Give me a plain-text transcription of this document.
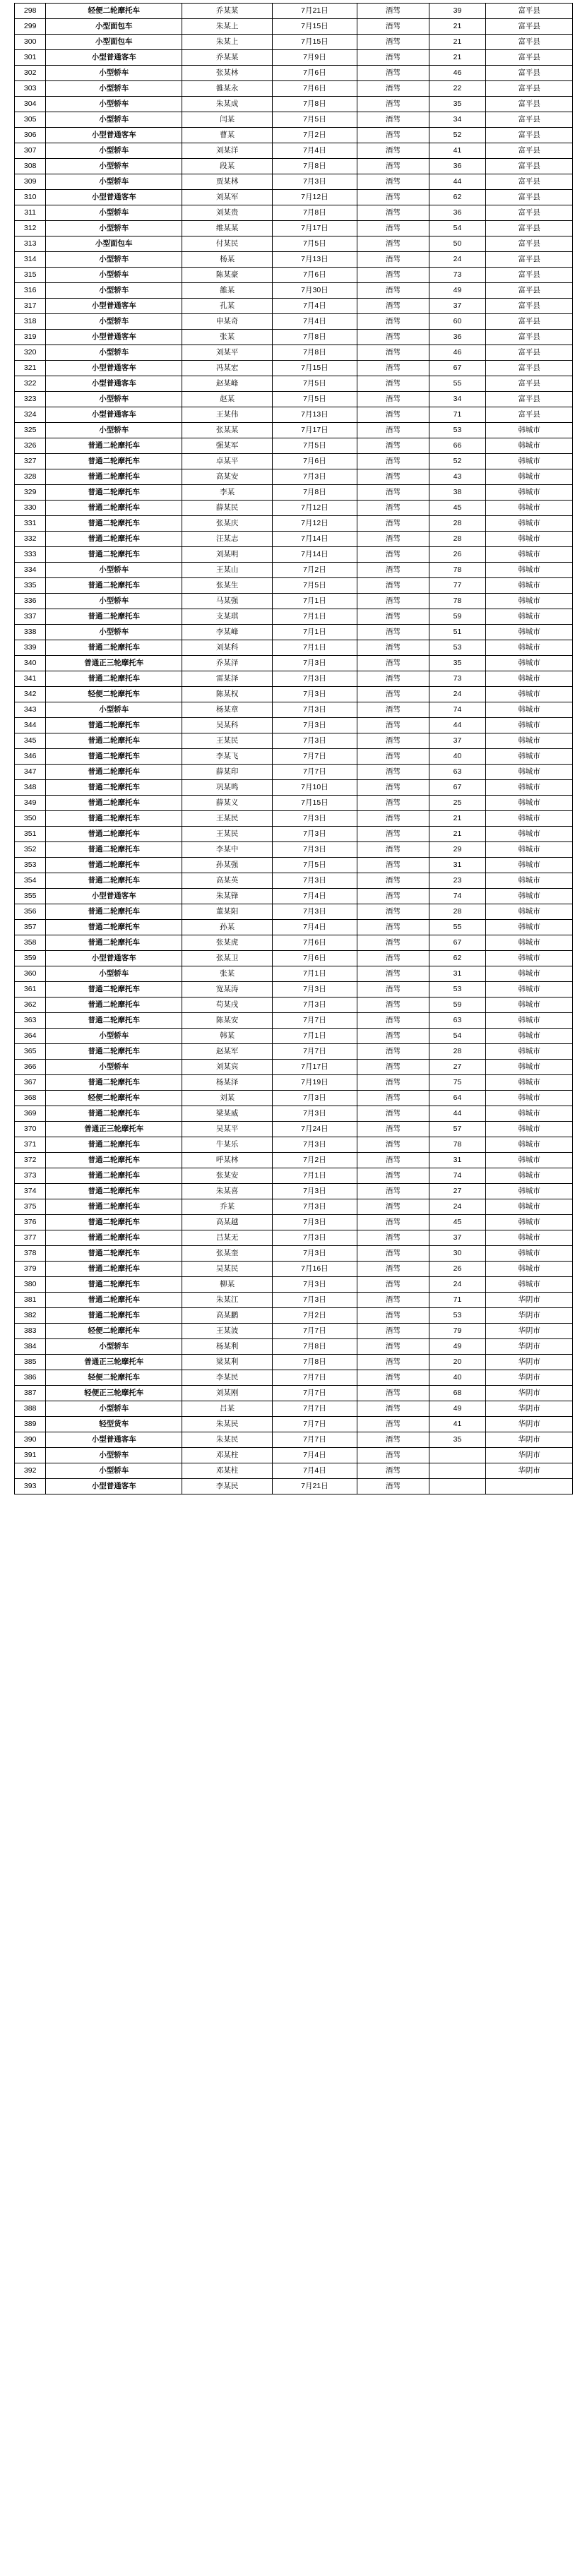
298	轻便二轮摩托车	乔某某	7月21日	酒驾	39	富平县
299	小型面包车	朱某上	7月15日	酒驾	21	富平县
300	小型面包车	朱某上	7月15日	酒驾	21	富平县
301	小型普通客车	乔某某	7月9日	酒驾	21	富平县
302	小型轿车	张某林	7月6日	酒驾	46	富平县
303	小型轿车	雒某永	7月6日	酒驾	22	富平县
304	小型轿车	朱某成	7月8日	酒驾	35	富平县
305	小型轿车	闫某	7月5日	酒驾	34	富平县
306	小型普通客车	曹某	7月2日	酒驾	52	富平县
307	小型轿车	刘某洋	7月4日	酒驾	41	富平县
308	小型轿车	段某	7月8日	酒驾	36	富平县
309	小型轿车	贾某林	7月3日	酒驾	44	富平县
310	小型普通客车	刘某军	7月12日	酒驾	62	富平县
311	小型轿车	刘某贵	7月8日	酒驾	36	富平县
312	小型轿车	维某某	7月17日	酒驾	54	富平县
313	小型面包车	付某民	7月5日	酒驾	50	富平县
314	小型轿车	杨某	7月13日	酒驾	24	富平县
315	小型轿车	陈某豪	7月6日	酒驾	73	富平县
316	小型轿车	雒某	7月30日	酒驾	49	富平县
317	小型普通客车	孔某	7月4日	酒驾	37	富平县
318	小型轿车	申某奇	7月4日	酒驾	60	富平县
319	小型普通客车	张某	7月8日	酒驾	36	富平县
320	小型轿车	刘某平	7月8日	酒驾	46	富平县
321	小型普通客车	冯某宏	7月15日	酒驾	67	富平县
322	小型普通客车	赵某峰	7月5日	酒驾	55	富平县
323	小型轿车	赵某	7月5日	酒驾	34	富平县
324	小型普通客车	王某伟	7月13日	酒驾	71	富平县
325	小型轿车	张某某	7月17日	酒驾	53	韩城市
326	普通二轮摩托车	强某军	7月5日	酒驾	66	韩城市
327	普通二轮摩托车	卓某平	7月6日	酒驾	52	韩城市
328	普通二轮摩托车	高某安	7月3日	酒驾	43	韩城市
329	普通二轮摩托车	李某	7月8日	酒驾	38	韩城市
330	普通二轮摩托车	薛某民	7月12日	酒驾	45	韩城市
331	普通二轮摩托车	张某庆	7月12日	酒驾	28	韩城市
332	普通二轮摩托车	汪某志	7月14日	酒驾	28	韩城市
333	普通二轮摩托车	刘某明	7月14日	酒驾	26	韩城市
334	小型轿车	王某山	7月2日	酒驾	78	韩城市
335	普通二轮摩托车	张某生	7月5日	酒驾	77	韩城市
336	小型轿车	马某强	7月1日	酒驾	78	韩城市
337	普通二轮摩托车	支某琪	7月1日	酒驾	59	韩城市
338	小型轿车	李某峰	7月1日	酒驾	51	韩城市
339	普通二轮摩托车	刘某科	7月1日	酒驾	53	韩城市
340	普通正三轮摩托车	乔某泽	7月3日	酒驾	35	韩城市
341	普通二轮摩托车	雷某泽	7月3日	酒驾	73	韩城市
342	轻便二轮摩托车	陈某权	7月3日	酒驾	24	韩城市
343	小型轿车	杨某章	7月3日	酒驾	74	韩城市
344	普通二轮摩托车	吴某科	7月3日	酒驾	44	韩城市
345	普通二轮摩托车	王某民	7月3日	酒驾	37	韩城市
346	普通二轮摩托车	李某飞	7月7日	酒驾	40	韩城市
347	普通二轮摩托车	薛某印	7月7日	酒驾	63	韩城市
348	普通二轮摩托车	巩某鸣	7月10日	酒驾	67	韩城市
349	普通二轮摩托车	薛某义	7月15日	酒驾	25	韩城市
350	普通二轮摩托车	王某民	7月3日	酒驾	21	韩城市
351	普通二轮摩托车	王某民	7月3日	酒驾	21	韩城市
352	普通二轮摩托车	李某中	7月3日	酒驾	29	韩城市
353	普通二轮摩托车	孙某强	7月5日	酒驾	31	韩城市
354	普通二轮摩托车	高某英	7月3日	酒驾	23	韩城市
355	小型普通客车	朱某锋	7月4日	酒驾	74	韩城市
356	普通二轮摩托车	董某阳	7月3日	酒驾	28	韩城市
357	普通二轮摩托车	孙某	7月4日	酒驾	55	韩城市
358	普通二轮摩托车	张某虎	7月6日	酒驾	67	韩城市
359	小型普通客车	张某卫	7月6日	酒驾	62	韩城市
360	小型轿车	张某	7月1日	酒驾	31	韩城市
361	普通二轮摩托车	宽某涛	7月3日	酒驾	53	韩城市
362	普通二轮摩托车	苟某戌	7月3日	酒驾	59	韩城市
363	普通二轮摩托车	陈某安	7月7日	酒驾	63	韩城市
364	小型轿车	韩某	7月1日	酒驾	54	韩城市
365	普通二轮摩托车	赵某军	7月7日	酒驾	28	韩城市
366	小型轿车	刘某宾	7月17日	酒驾	27	韩城市
367	普通二轮摩托车	杨某泽	7月19日	酒驾	75	韩城市
368	轻便二轮摩托车	刘某	7月3日	酒驾	64	韩城市
369	普通二轮摩托车	梁某威	7月3日	酒驾	44	韩城市
370	普通正三轮摩托车	吴某平	7月24日	酒驾	57	韩城市
371	普通二轮摩托车	牛某乐	7月3日	酒驾	78	韩城市
372	普通二轮摩托车	呼某林	7月2日	酒驾	31	韩城市
373	普通二轮摩托车	张某安	7月1日	酒驾	74	韩城市
374	普通二轮摩托车	朱某喜	7月3日	酒驾	27	韩城市
375	普通二轮摩托车	乔某	7月3日	酒驾	24	韩城市
376	普通二轮摩托车	高某越	7月3日	酒驾	45	韩城市
377	普通二轮摩托车	吕某无	7月3日	酒驾	37	韩城市
378	普通二轮摩托车	张某奎	7月3日	酒驾	30	韩城市
379	普通二轮摩托车	吴某民	7月16日	酒驾	26	韩城市
380	普通二轮摩托车	柳某	7月3日	酒驾	24	韩城市
381	普通二轮摩托车	朱某江	7月3日	酒驾	71	华阴市
382	普通二轮摩托车	高某鹏	7月2日	酒驾	53	华阴市
383	轻便二轮摩托车	王某波	7月7日	酒驾	79	华阴市
384	小型轿车	杨某利	7月8日	酒驾	49	华阴市
385	普通正三轮摩托车	梁某利	7月8日	酒驾	20	华阴市
386	轻便二轮摩托车	李某民	7月7日	酒驾	40	华阴市
387	轻便正三轮摩托车	刘某刚	7月7日	酒驾	68	华阴市
388	小型轿车	吕某	7月7日	酒驾	49	华阴市
389	轻型货车	朱某民	7月7日	酒驾	41	华阴市
390	小型普通客车	朱某民	7月7日	酒驾	35	华阴市
391	小型轿车	邓某柱	7月4日	酒驾		华阴市
392	小型轿车	邓某柱	7月4日	酒驾		华阴市
393	小型普通客车	李某民	7月21日	酒驾		
